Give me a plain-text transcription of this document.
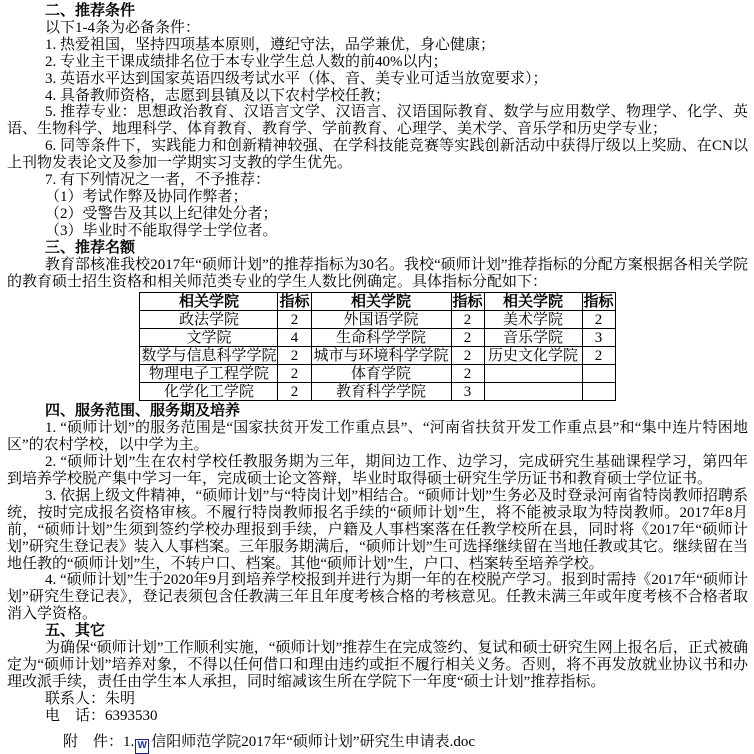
二、推荐条件

以下1-4条为必备条件：

1. 热爱祖国，坚持四项基本原则，遵纪守法，品学兼优，身心健康；

2. 专业主干课成绩排名位于本专业学生总人数的前40%以内；

3. 英语水平达到国家英语四级考试水平（体、音、美专业可适当放宽要求）；

4. 具备教师资格，志愿到县镇及以下农村学校任教；

5. 推荐专业：思想政治教育、汉语言文学、汉语言、汉语国际教育、数学与应用数学、物理学、化学、英语、生物科学、地理科学、体育教育、教育学、学前教育、心理学、美术学、音乐学和历史学专业；

6. 同等条件下，实践能力和创新精神较强、在学科技能竞赛等实践创新活动中获得厅级以上奖励、在CN以上刊物发表论文及参加一学期实习支教的学生优先。

7. 有下列情况之一者，不予推荐：

（1）考试作弊及协同作弊者；

（2）受警告及其以上纪律处分者；

（3）毕业时不能取得学士学位者。

三、推荐名额

教育部核准我校2017年“硕师计划”的推荐指标为30名。我校“硕师计划”推荐指标的分配方案根据各相关学院的教育硕士招生资格和相关师范类专业的学生人数比例确定。具体指标分配如下：

相关学院	指标	相关学院	指标	相关学院	指标
政法学院	2	外国语学院	2	美术学院	2
文学院	4	生命科学学院	2	音乐学院	3
数学与信息科学学院	2	城市与环境科学学院	2	历史文化学院	2
物理电子工程学院	2	体育学院	2		
化学化工学院	2	教育科学学院	3		

四、服务范围、服务期及培养

1. “硕师计划”的服务范围是“国家扶贫开发工作重点县”、“河南省扶贫开发工作重点县”和“集中连片特困地区”的农村学校，以中学为主。

2. “硕师计划”生在农村学校任教服务期为三年，期间边工作、边学习，完成研究生基础课程学习，第四年到培养学校脱产集中学习一年，完成硕士论文答辩，毕业时取得硕士研究生学历证书和教育硕士学位证书。

3. 依据上级文件精神，“硕师计划”与“特岗计划”相结合。“硕师计划”生务必及时登录河南省特岗教师招聘系统，按时完成报名资格审核。不履行特岗教师报名手续的“硕师计划”生，将不能被录取为特岗教师。2017年8月前，“硕师计划”生须到签约学校办理报到手续，户籍及人事档案落在任教学校所在县，同时将《2017年“硕师计划”研究生登记表》装入人事档案。三年服务期满后，“硕师计划”生可选择继续留在当地任教或其它。继续留在当地任教的“硕师计划”生，不转户口、档案。其他“硕师计划”生，户口、档案转至培养学校。

4. “硕师计划”生于2020年9月到培养学校报到并进行为期一年的在校脱产学习。报到时需持《2017年“硕师计划”研究生登记表》，登记表须包含任教满三年且年度考核合格的考核意见。任教未满三年或年度考核不合格者取消入学资格。

五、其它

为确保“硕师计划”工作顺利实施，“硕师计划”推荐生在完成签约、复试和硕士研究生网上报名后，正式被确定为“硕师计划”培养对象，不得以任何借口和理由违约或拒不履行相关义务。否则，将不再发放就业协议书和办理改派手续，责任由学生本人承担，同时缩减该生所在学院下一年度“硕士计划”推荐指标。

联系人：朱明

电　话：6393530

附　件：1. W 信阳师范学院2017年“硕师计划”研究生申请表.doc
